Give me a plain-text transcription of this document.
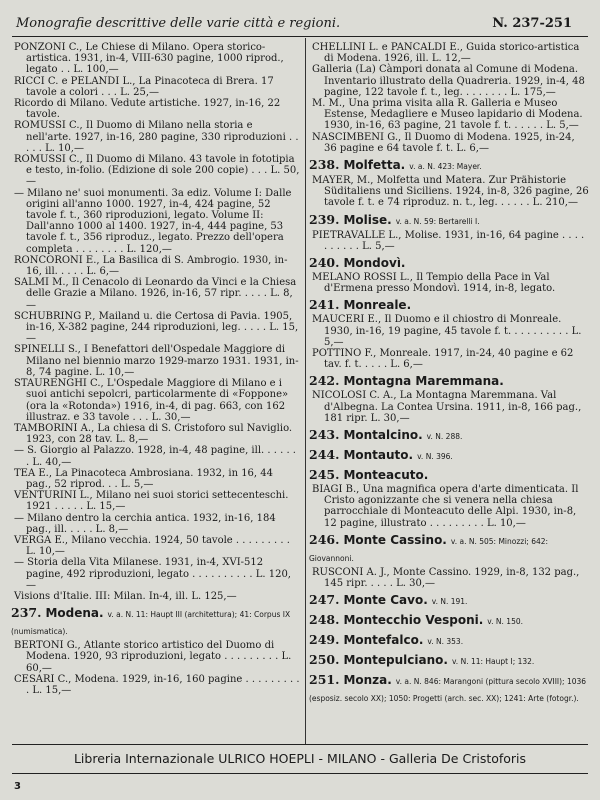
Monografie descrittive delle varie città e regioni.	N. 237-251
PONZONI C., Le Chiese di Milano. Opera storico-artistica. 1931, in-4, VIII-630 pagine, 1000 riprod., legato . . L. 100,—
RICCI C. e PELANDI L., La Pinacoteca di Brera. 17 tavole a colori . . . L. 25,—
Ricordo di Milano. Vedute artistiche. 1927, in-16, 22 tavole.
ROMUSSI C., Il Duomo di Milano nella storia e nell'arte. 1927, in-16, 280 pagine, 330 riproduzioni . . . . . L. 10,—
ROMUSSI C., Il Duomo di Milano. 43 tavole in fototipia e testo, in-folio. (Edizione di sole 200 copie) . . . L. 50,—
— Milano ne' suoi monumenti. 3a ediz. Volume I: Dalle origini all'anno 1000. 1927, in-4, 424 pagine, 52 tavole f. t., 360 riproduzioni, legato. Volume II: Dall'anno 1000 al 1400. 1927, in-4, 444 pagine, 53 tavole f. t., 356 riproduz., legato. Prezzo dell'opera completa . . . . . . . . L. 120,—
RONCORONI E., La Basilica di S. Ambrogio. 1930, in-16, ill. . . . . L. 6,—
SALMI M., Il Cenacolo di Leonardo da Vinci e la Chiesa delle Grazie a Milano. 1926, in-16, 57 ripr. . . . . L. 8,—
SCHUBRING P., Mailand u. die Certosa di Pavia. 1905, in-16, X-382 pagine, 244 riproduzioni, leg. . . . . L. 15,—
SPINELLI S., I Benefattori dell'Ospedale Maggiore di Milano nel biennio marzo 1929-marzo 1931. 1931, in-8, 74 pagine. L. 10,—
STAURENGHI C., L'Ospedale Maggiore di Milano e i suoi antichi sepolcri, particolarmente di «Foppone» (ora la «Rotonda») 1916, in-4, di pag. 663, con 162 illustraz. e 33 tavole . . . L. 30,—
TAMBORINI A., La chiesa di S. Cristoforo sul Naviglio. 1923, con 28 tav. L. 8,—
— S. Giorgio al Palazzo. 1928, in-4, 48 pagine, ill. . . . . . . L. 40,—
TEA E., La Pinacoteca Ambrosiana. 1932, in 16, 44 pag., 52 riprod. . . L. 5,—
VENTURINI L., Milano nei suoi storici settecenteschi. 1921 . . . . . L. 15,—
— Milano dentro la cerchia antica. 1932, in-16, 184 pag., ill. . . . . L. 8,—
VERGA E., Milano vecchia. 1924, 50 tavole . . . . . . . . . L. 10,—
— Storia della Vita Milanese. 1931, in-4, XVI-512 pagine, 492 riproduzioni, legato . . . . . . . . . . L. 120,—
Visions d'Italie. III: Milan. In-4, ill. L. 125,—
237. Modena. v. a. N. 11: Haupt III (architettura); 41: Corpus IX (numismatica).
BERTONI G., Atlante storico artistico del Duomo di Modena. 1920, 93 riproduzioni, legato . . . . . . . . . L. 60,—
CESARI C., Modena. 1929, in-16, 160 pagine . . . . . . . . . . L. 15,—
CHELLINI L. e PANCALDI E., Guida storico-artistica di Modena. 1926, ill. L. 12,—
Galleria (La) Càmpori donata al Comune di Modena. Inventario illustrato della Quadreria. 1929, in-4, 48 pagine, 122 tavole f. t., leg. . . . . . . . L. 175,—
M. M., Una prima visita alla R. Galleria e Museo Estense, Medagliere e Museo lapidario di Modena. 1930, in-16, 63 pagine, 21 tavole f. t. . . . . . L. 5,—
NASCIMBENI G., Il Duomo di Modena. 1925, in-24, 36 pagine e 64 tavole f. t. L. 6,—
238. Molfetta. v. a. N. 423: Mayer.
MAYER, M., Molfetta und Matera. Zur Prähistorie Süditaliens und Siciliens. 1924, in-8, 326 pagine, 26 tavole f. t. e 74 riproduz. n. t., leg. . . . . . L. 210,—
239. Molise. v. a. N. 59: Bertarelli I.
PIETRAVALLE L., Molise. 1931, in-16, 64 pagine . . . . . . . . . . L. 5,—
240. Mondovì.
MELANO ROSSI L., Il Tempio della Pace in Val d'Ermena presso Mondovì. 1914, in-8, legato.
241. Monreale.
MAUCERI E., Il Duomo e il chiostro di Monreale. 1930, in-16, 19 pagine, 45 tavole f. t. . . . . . . . . . L. 5,—
POTTINO F., Monreale. 1917, in-24, 40 pagine e 62 tav. f. t. . . . . L. 6,—
242. Montagna Maremmana.
NICOLOSI C. A., La Montagna Maremmana. Val d'Albegna. La Contea Ursina. 1911, in-8, 166 pag., 181 ripr. L. 30,—
243. Montalcino. v. N. 288.
244. Montauto. v. N. 396.
245. Monteacuto.
BIAGI B., Una magnifica opera d'arte dimenticata. Il Cristo agonizzante che si venera nella chiesa parrocchiale di Monteacuto delle Alpi. 1930, in-8, 12 pagine, illustrato . . . . . . . . . L. 10,—
246. Monte Cassino. v. a. N. 505: Minozzi; 642: Giovannoni.
RUSCONI A. J., Monte Cassino. 1929, in-8, 132 pag., 145 ripr. . . . . L. 30,—
247. Monte Cavo. v. N. 191.
248. Montecchio Vesponi. v. N. 150.
249. Montefalco. v. N. 353.
250. Montepulciano. v. N. 11: Haupt I; 132.
251. Monza. v. a. N. 846: Marangoni (pittura secolo XVIII); 1036 (esposiz. secolo XX); 1050: Progetti (arch. sec. XX); 1241: Arte (fotogr.).
Libreria Internazionale ULRICO HOEPLI - MILANO - Galleria De Cristoforis
3
